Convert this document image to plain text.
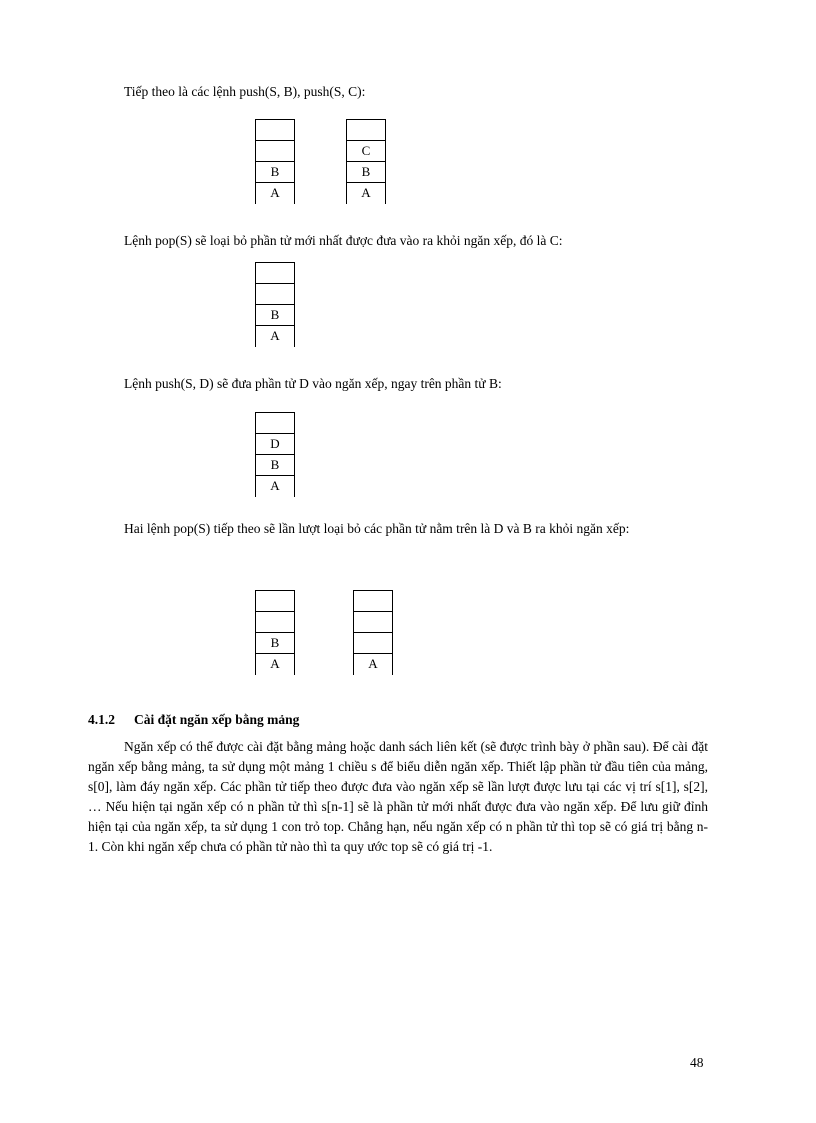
Tiếp theo là các lệnh push(S, B), push(S, C):
B
A
C
B
A
Lệnh pop(S) sẽ loại bỏ phần tử mới nhất được đưa vào ra khỏi ngăn xếp, đó là C:
B
A
Lệnh push(S, D) sẽ đưa phần tử D vào ngăn xếp, ngay trên phần tử B:
D
B
A
Hai lệnh pop(S) tiếp theo sẽ lần lượt loại bỏ các phần tử nằm trên là D và B ra khỏi ngăn xếp:
B
A	A
4.1.2 Cài đặt ngăn xếp bằng mảng
Ngăn xếp có thể được cài đặt bằng mảng hoặc danh sách liên kết (sẽ được trình bày ở phần sau). Để cài đặt ngăn xếp bằng mảng, ta sử dụng một mảng 1 chiều s để biểu diễn ngăn xếp. Thiết lập phần tử đầu tiên của mảng, s[0], làm đáy ngăn xếp. Các phần tử tiếp theo được đưa vào ngăn xếp sẽ lần lượt được lưu tại các vị trí s[1], s[2], … Nếu hiện tại ngăn xếp có n phần tử thì s[n-1] sẽ là phần tử mới nhất được đưa vào ngăn xếp. Để lưu giữ đỉnh hiện tại của ngăn xếp, ta sử dụng 1 con trỏ top. Chẳng hạn, nếu ngăn xếp có n phần tử thì top sẽ có giá trị bằng n-1. Còn khi ngăn xếp chưa có phần tử nào thì ta quy ước top sẽ có giá trị -1.
48
